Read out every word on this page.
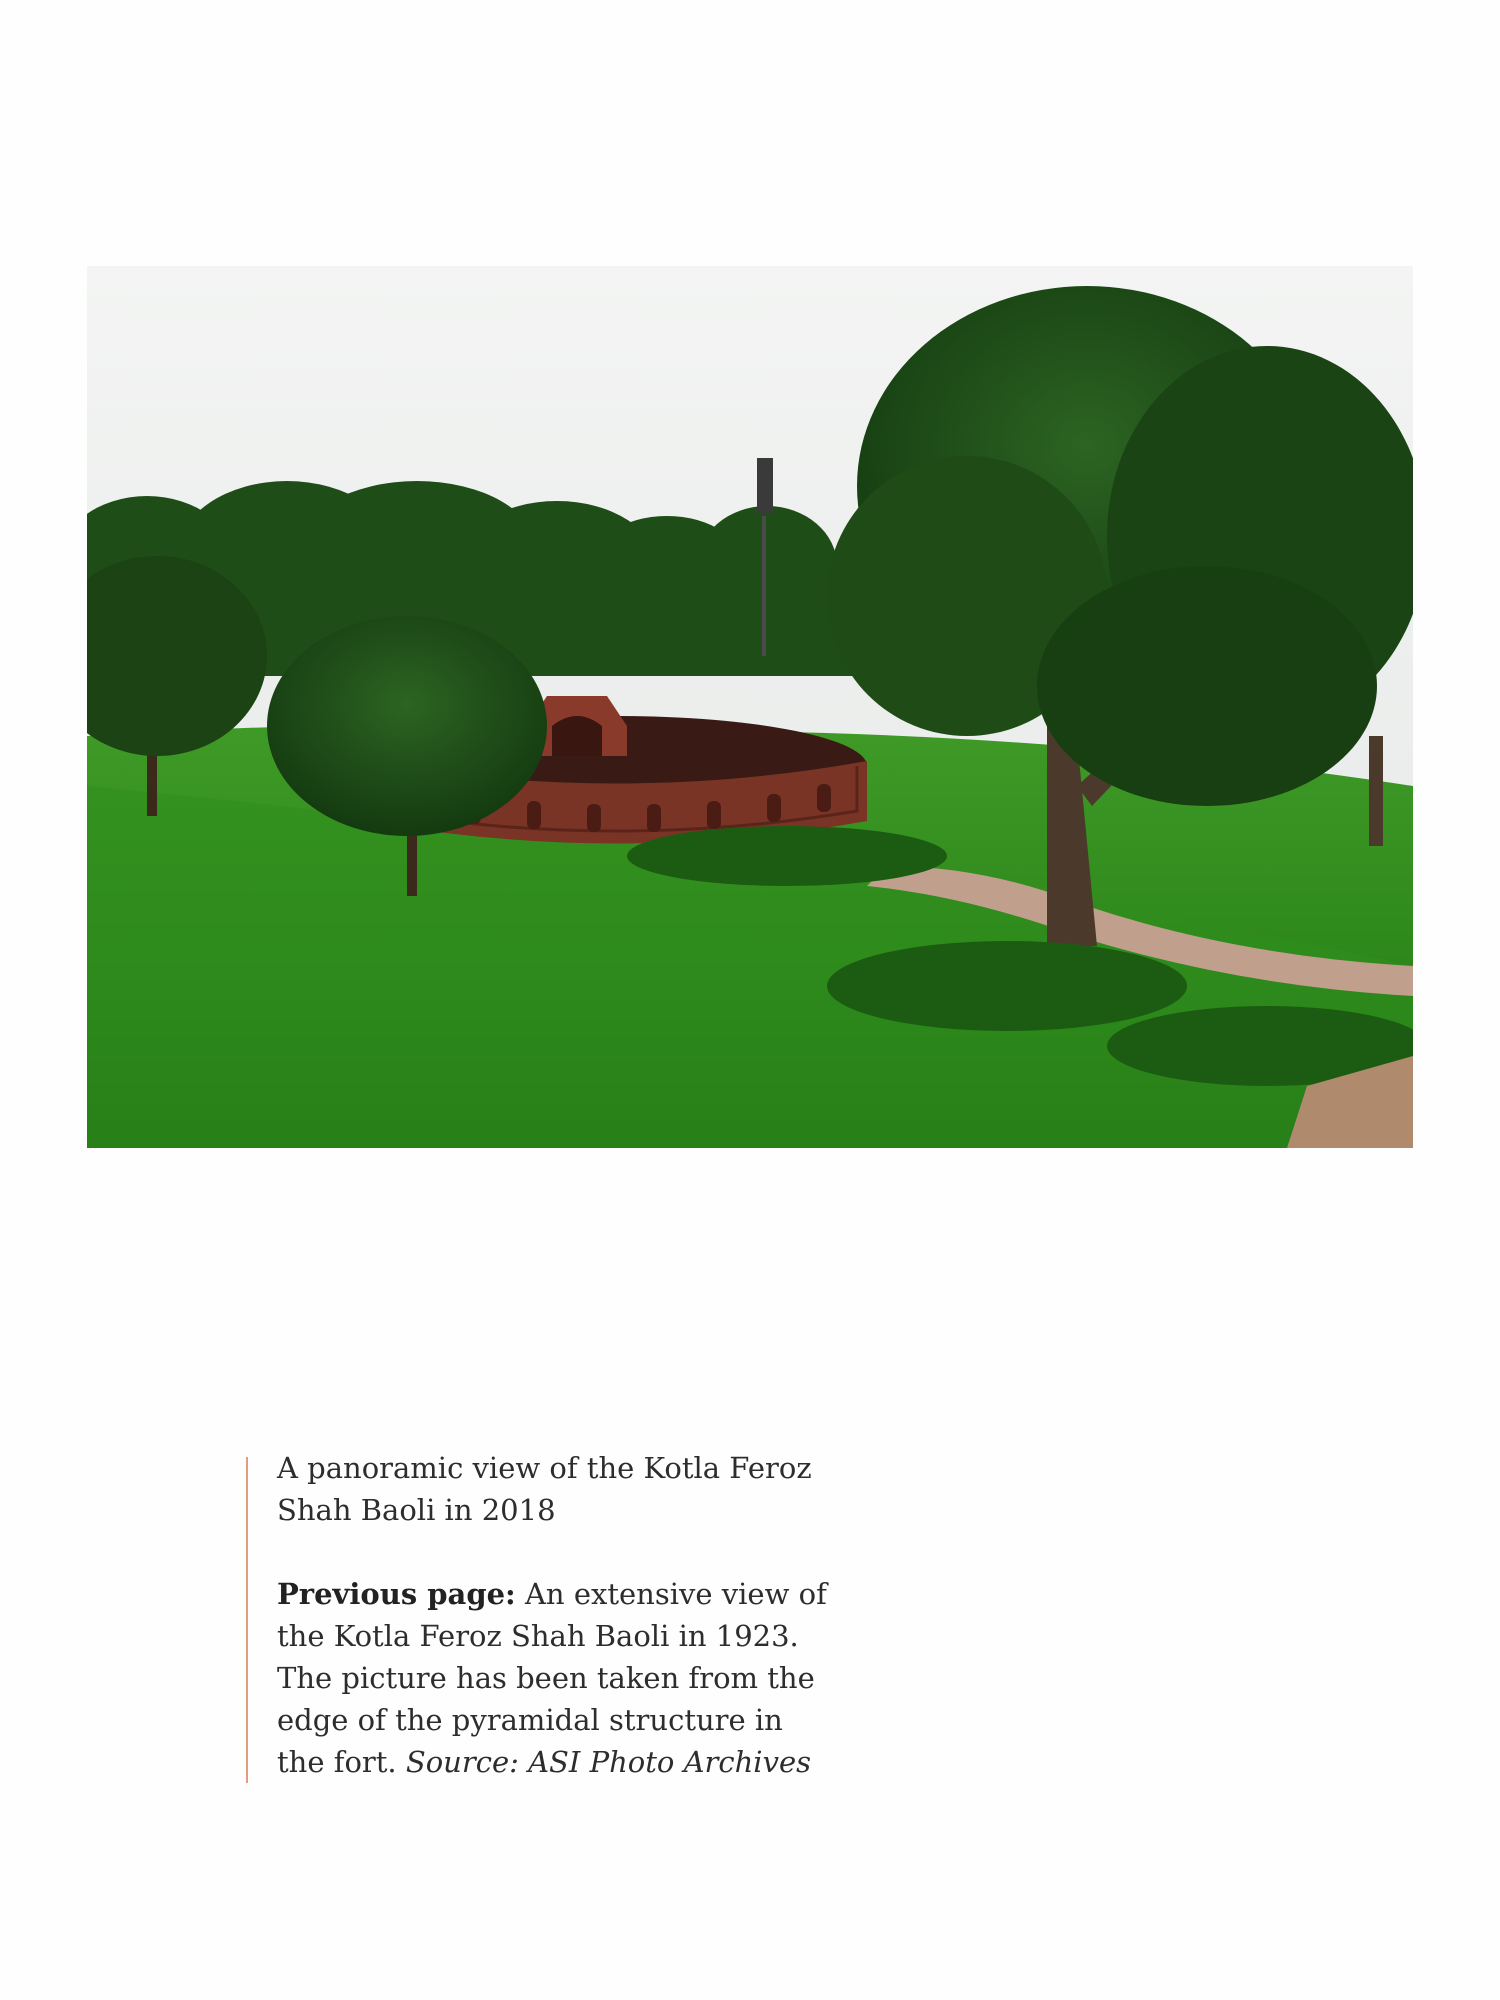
A panoramic view of the Kotla Feroz Shah Baoli in 2018

Previous page: An extensive view of the Kotla Feroz Shah Baoli in 1923. The picture has been taken from the edge of the pyramidal structure in the fort. Source: ASI Photo Archives
